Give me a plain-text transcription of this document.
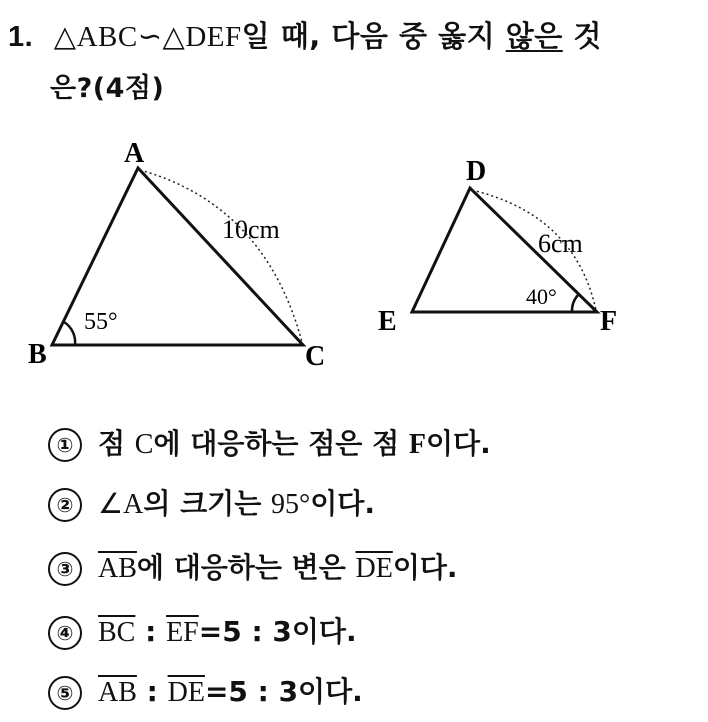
1. △ABC∽△DEF일 때, 다음 중 옳지 않은 것
은?(4점)
A
B	C
10cm
55°
D
E	F
6cm
40°
① 점 C에 대응하는 점은 점 F이다.
② ∠A의 크기는 95°이다.
③ $\overline{AB}$에 대응하는 변은 $\overline{DE}$이다.
④ $\overline{BC}$ : $\overline{EF}=5$ : 3이다.
⑤ $\overline{AB}$ : $\overline{DE}=5$ : 3이다.
